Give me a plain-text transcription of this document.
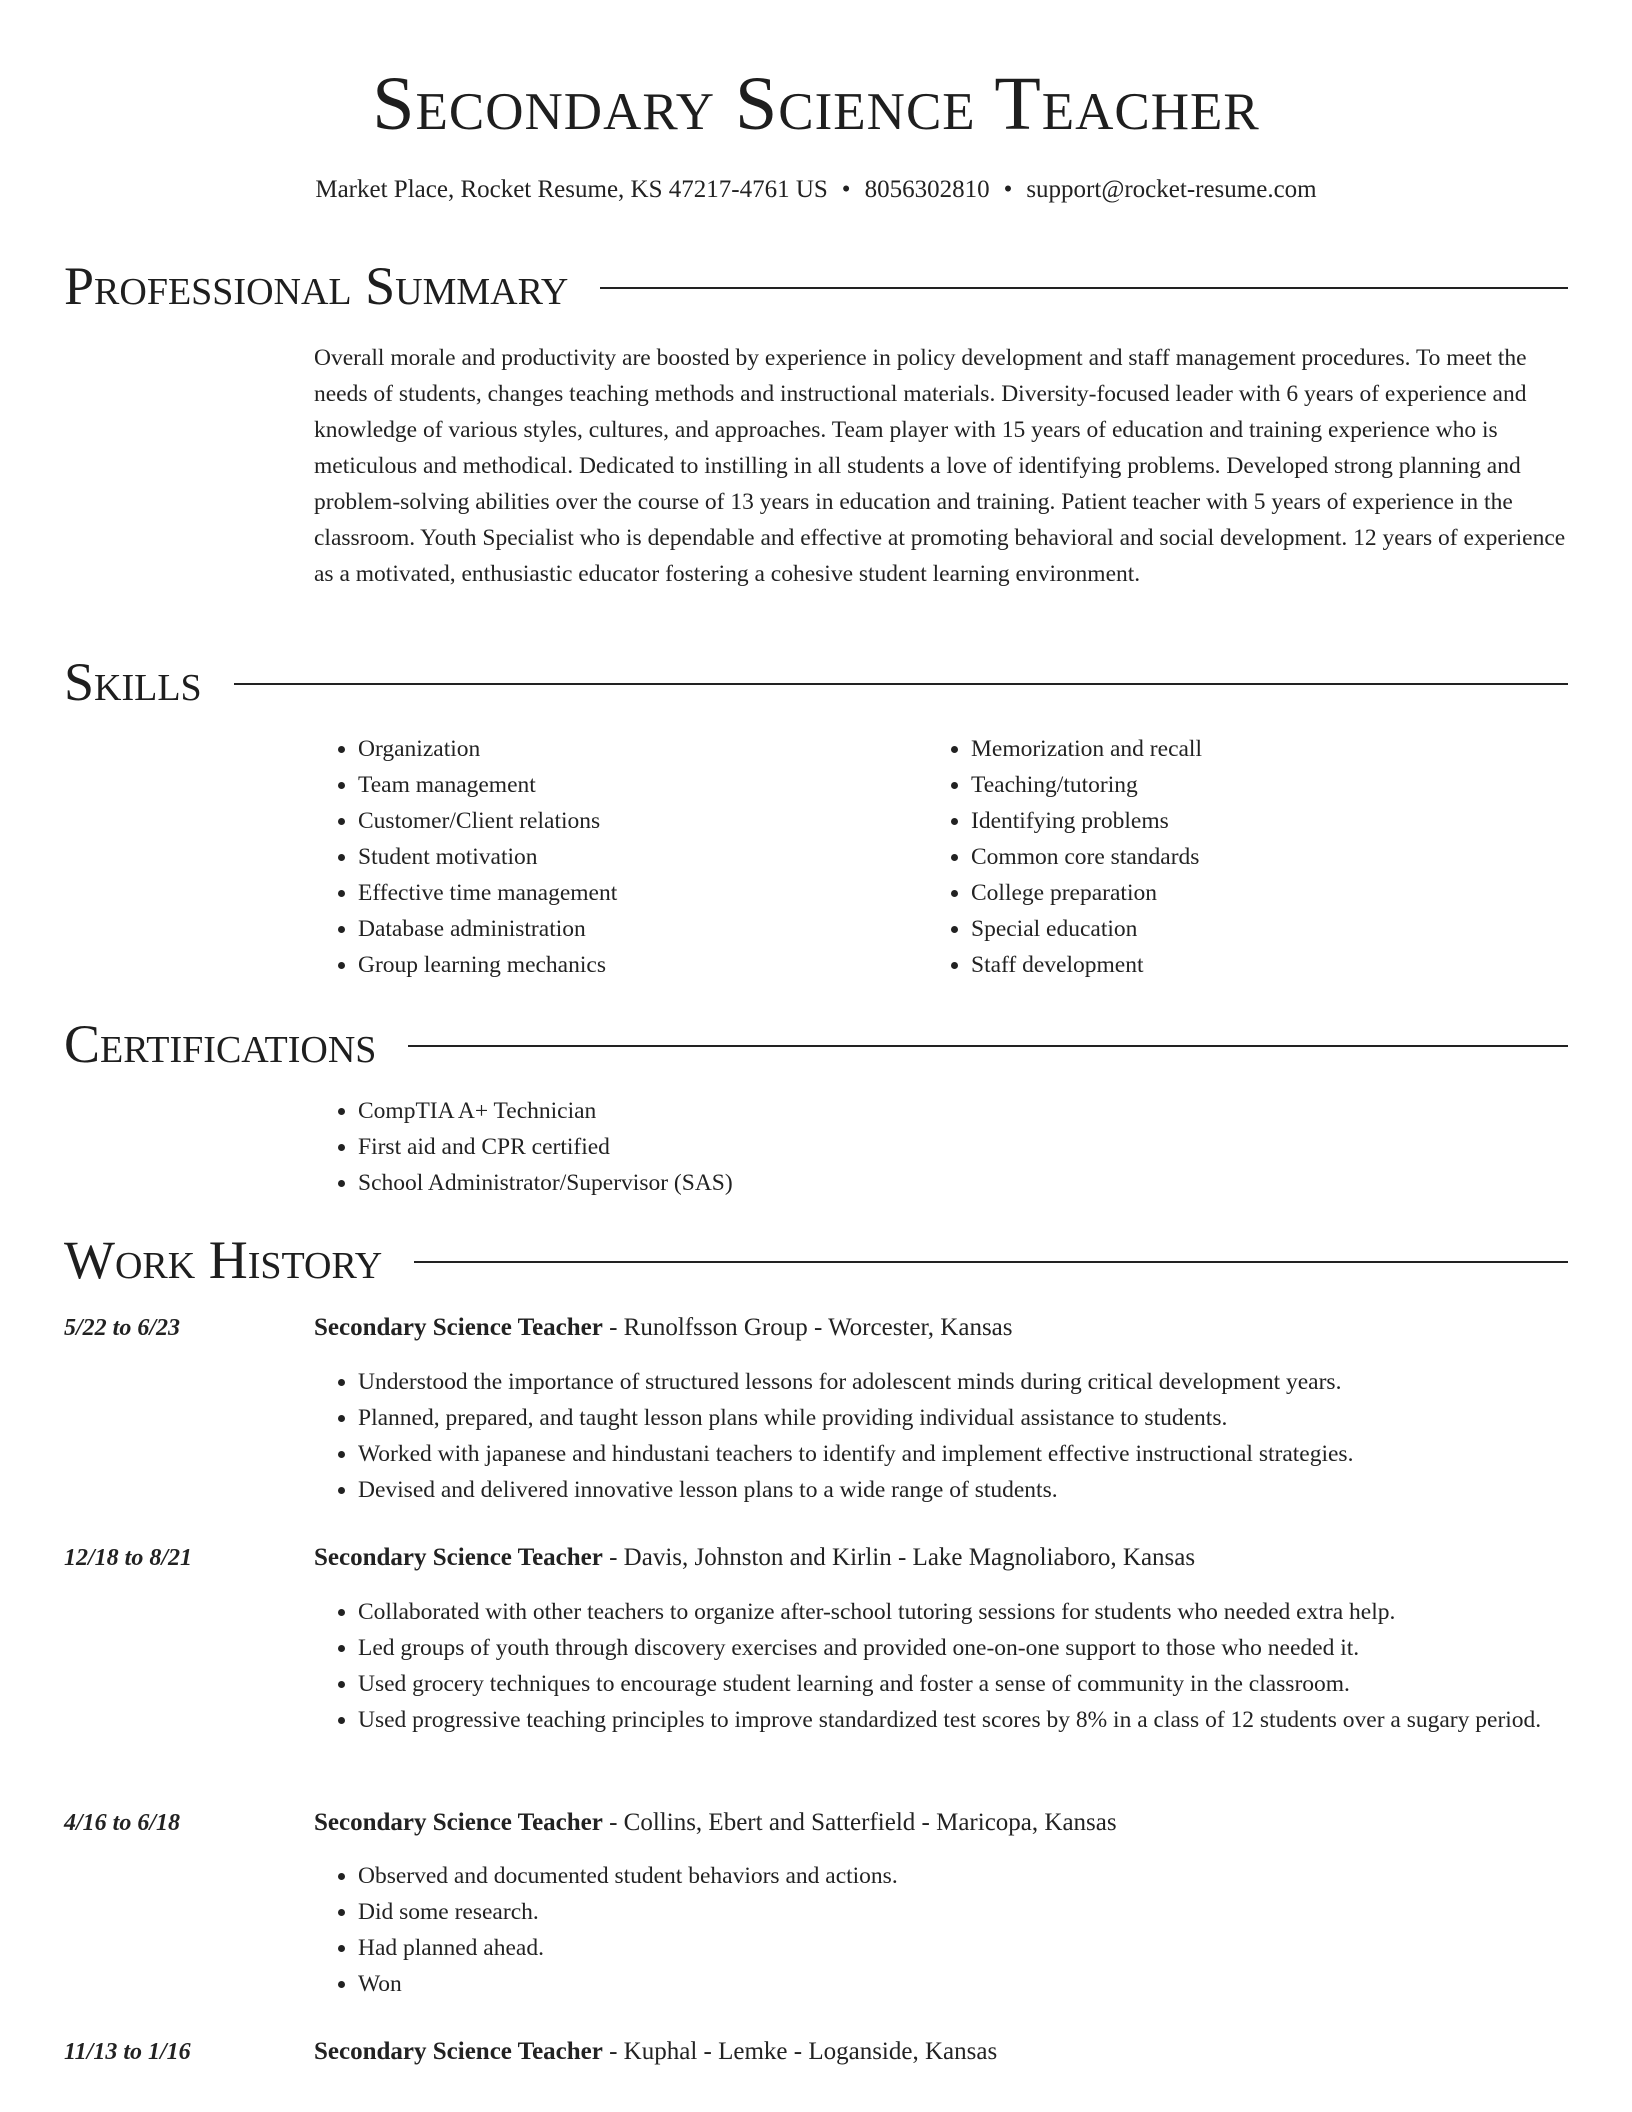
Secondary Science Teacher
Market Place, Rocket Resume, KS 47217-4761 US • 8056302810 • support@rocket-resume.com
Professional Summary

Overall morale and productivity are boosted by experience in policy development and staff management procedures. To meet the needs of students, changes teaching methods and instructional materials. Diversity-focused leader with 6 years of experience and knowledge of various styles, cultures, and approaches. Team player with 15 years of education and training experience who is meticulous and methodical. Dedicated to instilling in all students a love of identifying problems. Developed strong planning and problem-solving abilities over the course of 13 years in education and training. Patient teacher with 5 years of experience in the classroom. Youth Specialist who is dependable and effective at promoting behavioral and social development. 12 years of experience as a motivated, enthusiastic educator fostering a cohesive student learning environment.

Skills
• Organization
• Team management
• Customer/Client relations
• Student motivation
• Effective time management
• Database administration
• Group learning mechanics
• Memorization and recall
• Teaching/tutoring
• Identifying problems
• Common core standards
• College preparation
• Special education
• Staff development
Certifications
• CompTIA A+ Technician
• First aid and CPR certified
• School Administrator/Supervisor (SAS)
Work History
5/22 to 6/23	Secondary Science Teacher - Runolfsson Group - Worcester, Kansas
• Understood the importance of structured lessons for adolescent minds during critical development years.
• Planned, prepared, and taught lesson plans while providing individual assistance to students.
• Worked with japanese and hindustani teachers to identify and implement effective instructional strategies.
• Devised and delivered innovative lesson plans to a wide range of students.
12/18 to 8/21	Secondary Science Teacher - Davis, Johnston and Kirlin - Lake Magnoliaboro, Kansas
• Collaborated with other teachers to organize after-school tutoring sessions for students who needed extra help.
• Led groups of youth through discovery exercises and provided one-on-one support to those who needed it.
• Used grocery techniques to encourage student learning and foster a sense of community in the classroom.
• Used progressive teaching principles to improve standardized test scores by 8% in a class of 12 students over a sugary period.
4/16 to 6/18	Secondary Science Teacher - Collins, Ebert and Satterfield - Maricopa, Kansas
• Observed and documented student behaviors and actions.
• Did some research.
• Had planned ahead.
• Won
11/13 to 1/16	Secondary Science Teacher - Kuphal - Lemke - Loganside, Kansas
